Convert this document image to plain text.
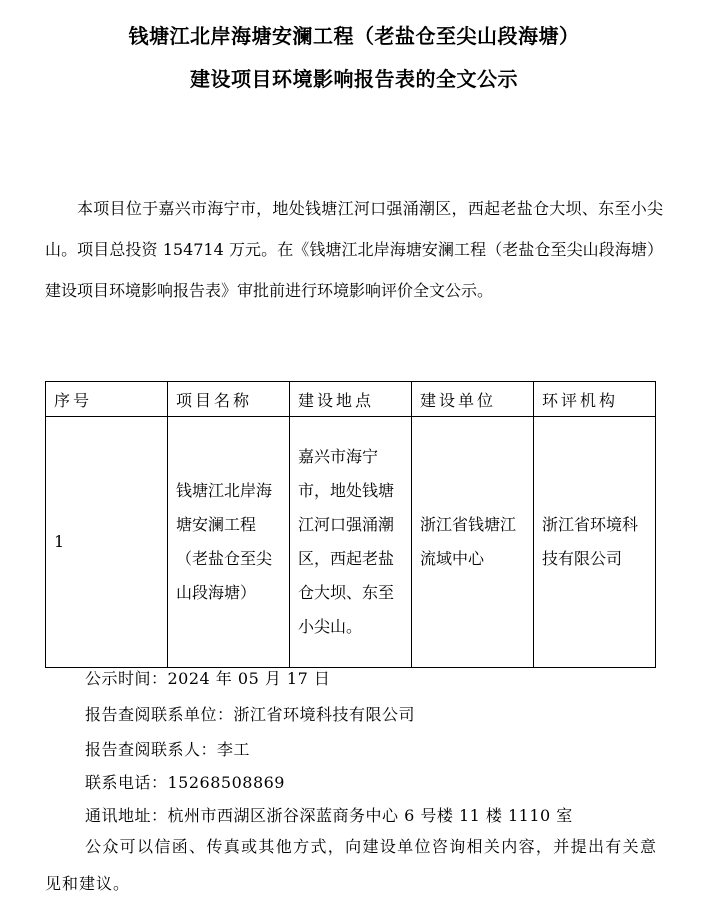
钱塘江北岸海塘安澜工程（老盐仓至尖山段海塘）
建设项目环境影响报告表的全文公示

本项目位于嘉兴市海宁市，地处钱塘江河口强涌潮区，西起老盐仓大坝、东至小尖山。项目总投资 154714 万元。在《钱塘江北岸海塘安澜工程（老盐仓至尖山段海塘）建设项目环境影响报告表》审批前进行环境影响评价全文公示。

序号	项目名称	建设地点	建设单位	环评机构
1	钱塘江北岸海塘安澜工程（老盐仓至尖山段海塘）	嘉兴市海宁市，地处钱塘江河口强涌潮区，西起老盐仓大坝、东至小尖山。	浙江省钱塘江流域中心	浙江省环境科技有限公司
公示时间：2024 年 05 月 17 日
报告查阅联系单位：浙江省环境科技有限公司
报告查阅联系人：李工
联系电话：15268508869
通讯地址：杭州市西湖区浙谷深蓝商务中心 6 号楼 11 楼 1110 室

公众可以信函、传真或其他方式，向建设单位咨询相关内容，并提出有关意见和建议。
